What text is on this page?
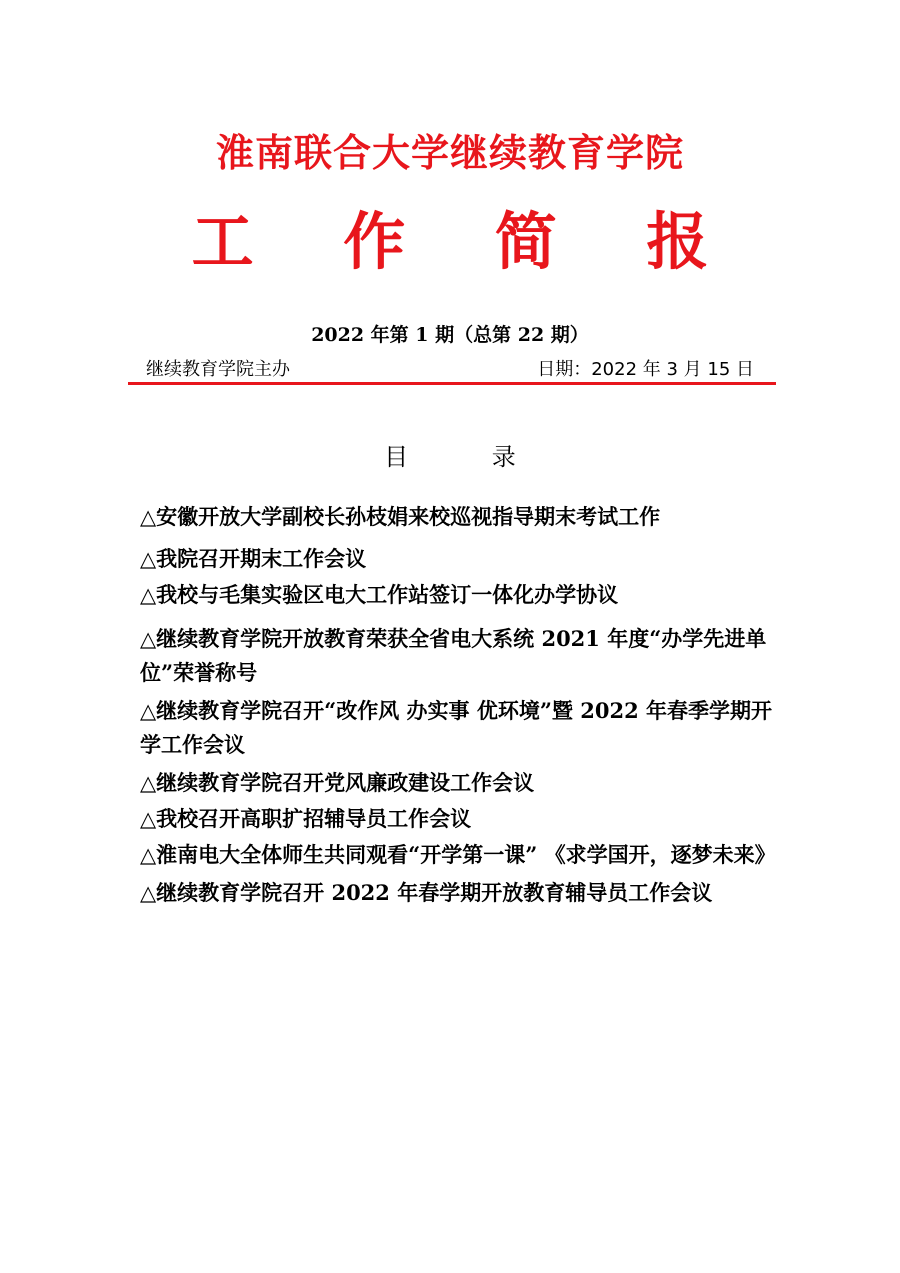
淮南联合大学继续教育学院
工 作 简 报
2022 年第 1 期（总第 22 期）
继续教育学院主办	日期：2022 年 3 月 15 日
目 录
△安徽开放大学副校长孙枝娟来校巡视指导期末考试工作
△我院召开期末工作会议
△我校与毛集实验区电大工作站签订一体化办学协议
△继续教育学院开放教育荣获全省电大系统 2021 年度“办学先进单位”荣誉称号
△继续教育学院召开“改作风 办实事 优环境”暨 2022 年春季学期开学工作会议
△继续教育学院召开党风廉政建设工作会议
△我校召开高职扩招辅导员工作会议
△淮南电大全体师生共同观看“开学第一课” 《求学国开，逐梦未来》
△继续教育学院召开 2022 年春学期开放教育辅导员工作会议
